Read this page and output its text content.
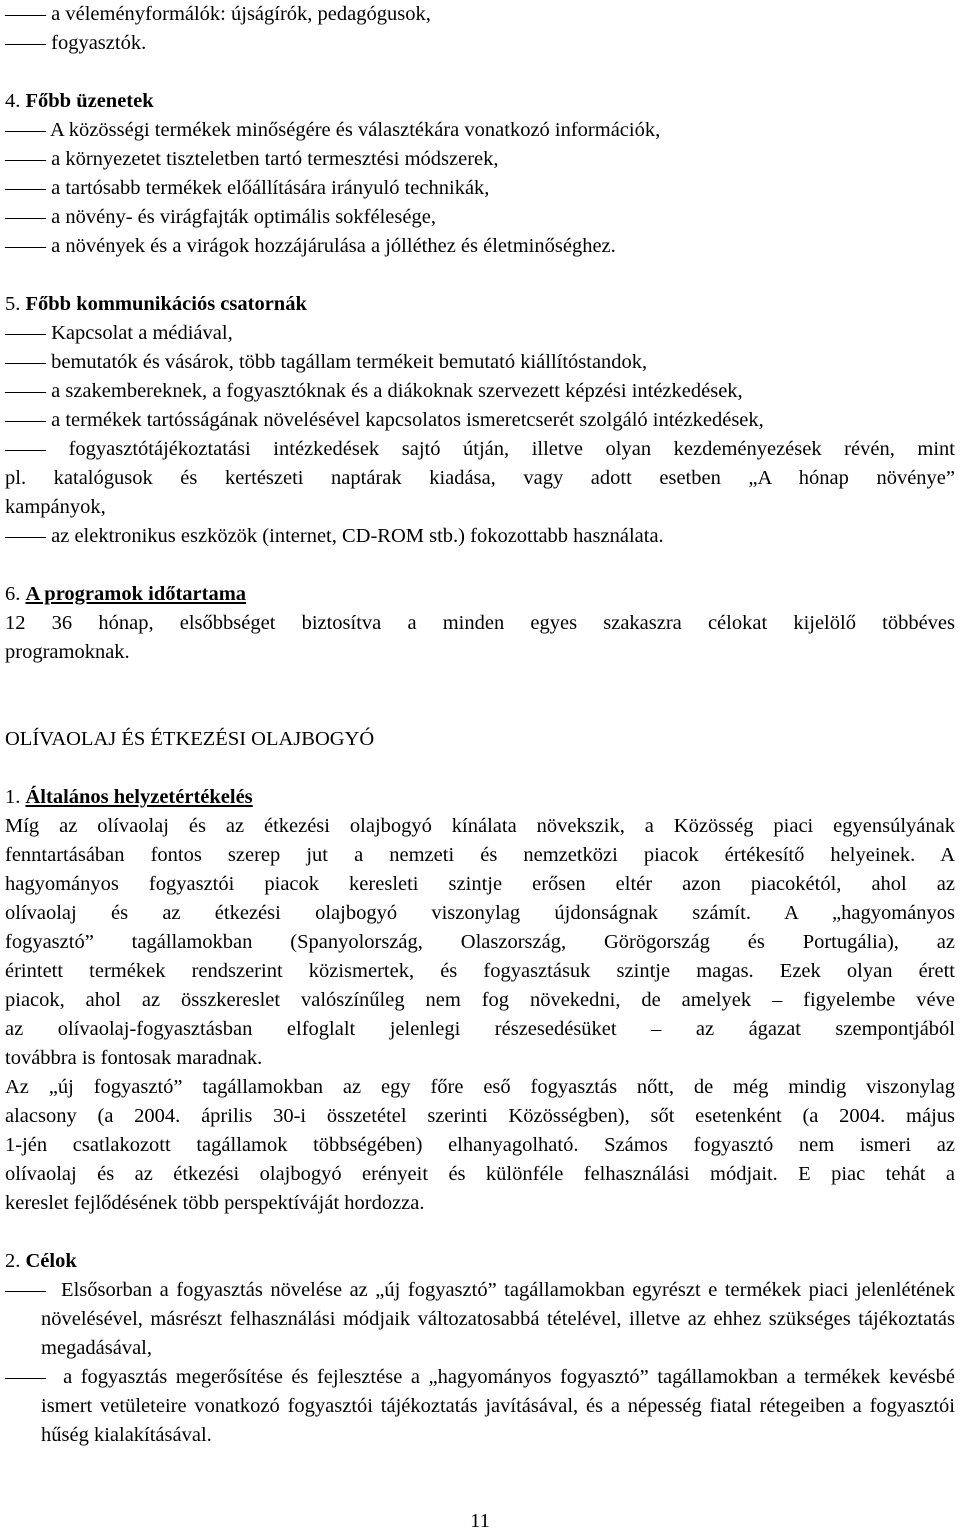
—— a véleményformálók: újságírók, pedagógusok,
—— fogyasztók.
4. Főbb üzenetek
—— A közösségi termékek minőségére és választékára vonatkozó információk,
—— a környezetet tiszteletben tartó termesztési módszerek,
—— a tartósabb termékek előállítására irányuló technikák,
—— a növény- és virágfajták optimális sokfélesége,
—— a növények és a virágok hozzájárulása a jólléthez és életminőséghez.
5. Főbb kommunikációs csatornák
—— Kapcsolat a médiával,
—— bemutatók és vásárok, több tagállam termékeit bemutató kiállítóstandok,
—— a szakembereknek, a fogyasztóknak és a diákoknak szervezett képzési intézkedések,
—— a termékek tartósságának növelésével kapcsolatos ismeretcserét szolgáló intézkedések,
—— fogyasztótájékoztatási intézkedések sajtó útján, illetve olyan kezdeményezések révén, mint
pl. katalógusok és kertészeti naptárak kiadása, vagy adott esetben „A hónap növénye”
kampányok,
—— az elektronikus eszközök (internet, CD-ROM stb.) fokozottabb használata.
6. A programok időtartama
12 36 hónap, elsőbbséget biztosítva a minden egyes szakaszra célokat kijelölő többéves
programoknak.
OLÍVAOLAJ ÉS ÉTKEZÉSI OLAJBOGYÓ
1. Általános helyzetértékelés
Míg az olívaolaj és az étkezési olajbogyó kínálata növekszik, a Közösség piaci egyensúlyának
fenntartásában fontos szerep jut a nemzeti és nemzetközi piacok értékesítő helyeinek. A
hagyományos fogyasztói piacok keresleti szintje erősen eltér azon piacokétól, ahol az
olívaolaj és az étkezési olajbogyó viszonylag újdonságnak számít. A „hagyományos
fogyasztó” tagállamokban (Spanyolország, Olaszország, Görögország és Portugália), az
érintett termékek rendszerint közismertek, és fogyasztásuk szintje magas. Ezek olyan érett
piacok, ahol az összkereslet valószínűleg nem fog növekedni, de amelyek – figyelembe véve
az olívaolaj-fogyasztásban elfoglalt jelenlegi részesedésüket – az ágazat szempontjából
továbbra is fontosak maradnak.
Az „új fogyasztó” tagállamokban az egy főre eső fogyasztás nőtt, de még mindig viszonylag
alacsony (a 2004. április 30-i összetétel szerinti Közösségben), sőt esetenként (a 2004. május
1-jén csatlakozott tagállamok többségében) elhanyagolható. Számos fogyasztó nem ismeri az
olívaolaj és az étkezési olajbogyó erényeit és különféle felhasználási módjait. E piac tehát a
kereslet fejlődésének több perspektíváját hordozza.
2. Célok
——  Elsősorban a fogyasztás növelése az „új fogyasztó” tagállamokban egyrészt e termékek piaci jelenlétének növelésével, másrészt felhasználási módjaik változatosabbá tételével, illetve az ehhez szükséges tájékoztatás megadásával,
——  a fogyasztás megerősítése és fejlesztése a „hagyományos fogyasztó” tagállamokban a termékek kevésbé ismert vetületeire vonatkozó fogyasztói tájékoztatás javításával, és a népesség fiatal rétegeiben a fogyasztói hűség kialakításával.
11
